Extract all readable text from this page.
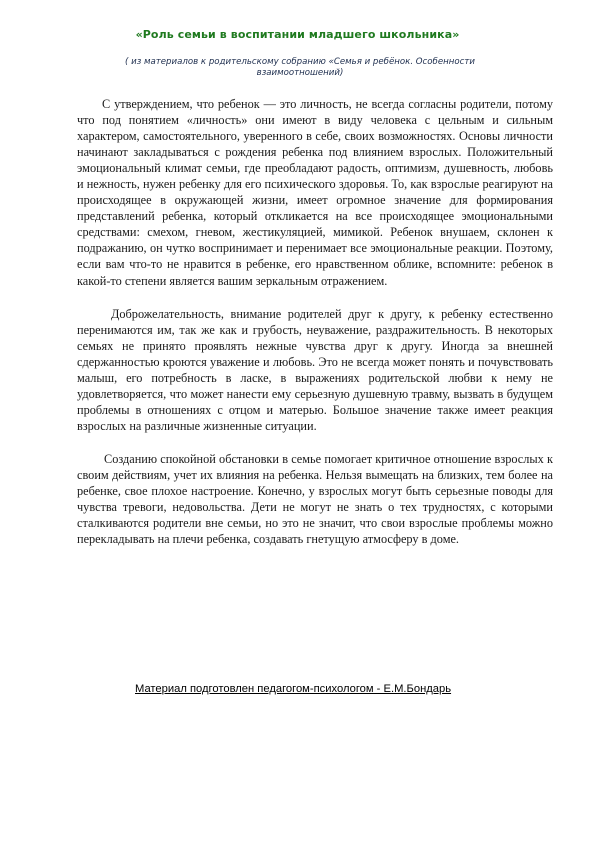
«Роль семьи в воспитании младшего школьника»
( из материалов к родительскому собранию «Семья и ребёнок. Особенности взаимоотношений)

С утверждением, что ребенок — это личность, не всегда согласны родители, потому что под понятием «личность» они имеют в виду человека с цельным и сильным характером, самостоятельного, уверенного в себе, своих возможностях. Основы личности начинают закладываться с рождения ребенка под влиянием взрослых. Положительный эмоциональный климат семьи, где преобладают радость, оптимизм, душевность, любовь и нежность, нужен ребенку для его психического здоровья. То, как взрослые реагируют на происходящее в окружающей жизни, имеет огромное значение для формирования представлений ребенка, который откликается на все происходящее эмоциональными средствами: смехом, гневом, жестикуляцией, мимикой. Ребенок внушаем, склонен к подражанию, он чутко воспринимает и перенимает все эмоциональные реакции. Поэтому, если вам что-то не нравится в ребенке, его нравственном облике, вспомните: ребенок в какой-то степени является вашим зеркальным отражением.

Доброжелательность, внимание родителей друг к другу, к ребенку естественно перенимаются им, так же как и грубость, неуважение, раздражительность. В некоторых семьях не принято проявлять нежные чувства друг к другу. Иногда за внешней сдержанностью кроются уважение и любовь. Это не всегда может понять и почувствовать малыш, его потребность в ласке, в выражениях родительской любви к нему не удовлетворяется, что может нанести ему серьезную душевную травму, вызвать в будущем проблемы в отношениях с отцом и матерью. Большое значение также имеет реакция взрослых на различные жизненные ситуации.

Созданию спокойной обстановки в семье помогает критичное отношение взрослых к своим действиям, учет их влияния на ребенка. Нельзя вымещать на близких, тем более на ребенке, свое плохое настроение. Конечно, у взрослых могут быть серьезные поводы для чувства тревоги, недовольства. Дети не могут не знать о тех трудностях, с которыми сталкиваются родители вне семьи, но это не значит, что свои взрослые проблемы можно перекладывать на плечи ребенка, создавать гнетущую атмосферу в доме.

Материал подготовлен педагогом-психологом - Е.М.Бондарь
